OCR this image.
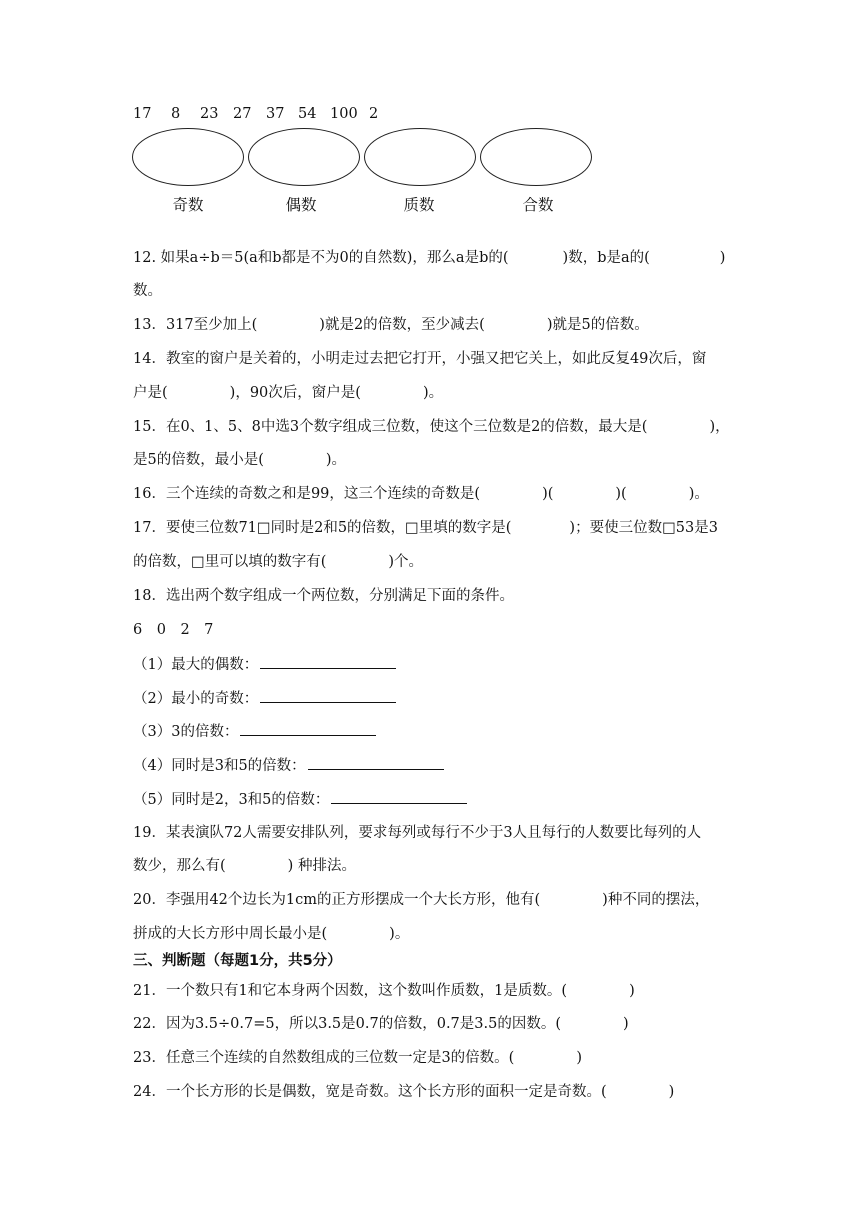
17 8 23 27 37 54 100 2
奇数	偶数	质数	合数
12. 如果a÷b＝5(a和b都是不为0的自然数)，那么a是b的(	)数，b是a的(	)
数。
13．317至少加上(	)就是2的倍数，至少减去(	)就是5的倍数。
14．教室的窗户是关着的，小明走过去把它打开，小强又把它关上，如此反复49次后，窗
户是(	)，90次后，窗户是(	)。
15．在0、1、5、8中选3个数字组成三位数，使这个三位数是2的倍数，最大是(	)，
是5的倍数，最小是(	)。
16．三个连续的奇数之和是99，这三个连续的奇数是(	)(	)(	)。
17．要使三位数71□同时是2和5的倍数，□里填的数字是(	)；要使三位数□53是3
的倍数，□里可以填的数字有(	)个。
18．选出两个数字组成一个两位数，分别满足下面的条件。
6　0　2　7
（1）最大的偶数：
（2）最小的奇数：
（3）3的倍数：
（4）同时是3和5的倍数：
（5）同时是2，3和5的倍数：
19．某表演队72人需要安排队列，要求每列或每行不少于3人且每行的人数要比每列的人
数少，那么有(	) 种排法。
20．李强用42个边长为1cm的正方形摆成一个大长方形，他有(	)种不同的摆法，
拼成的大长方形中周长最小是(	)。
三、判断题（每题1分，共5分）
21．一个数只有1和它本身两个因数，这个数叫作质数，1是质数。(	)
22．因为3.5÷0.7=5，所以3.5是0.7的倍数，0.7是3.5的因数。(	)
23．任意三个连续的自然数组成的三位数一定是3的倍数。(	)
24．一个长方形的长是偶数，宽是奇数。这个长方形的面积一定是奇数。(	)
